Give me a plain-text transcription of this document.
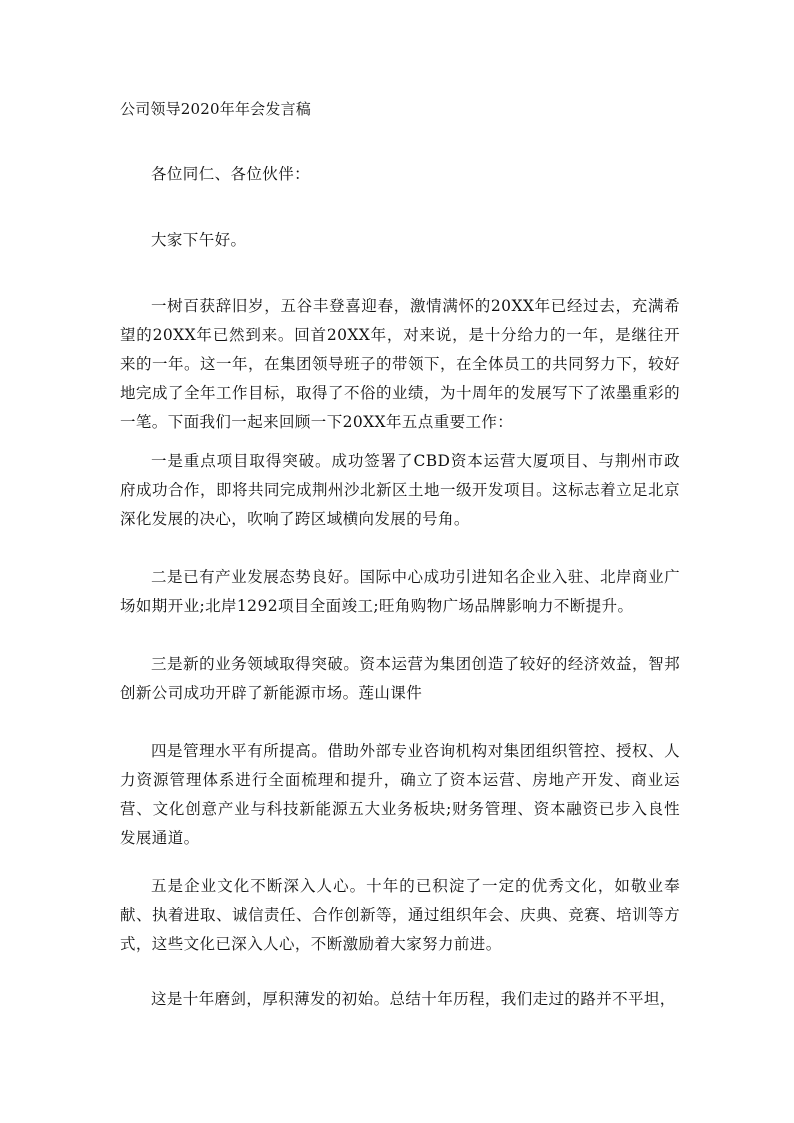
公司领导2020年年会发言稿

各位同仁、各位伙伴：

大家下午好。

一树百获辞旧岁，五谷丰登喜迎春，激情满怀的20XX年已经过去，充满希望的20XX年已然到来。回首20XX年，对来说，是十分给力的一年，是继往开来的一年。这一年，在集团领导班子的带领下，在全体员工的共同努力下，较好地完成了全年工作目标，取得了不俗的业绩，为十周年的发展写下了浓墨重彩的一笔。下面我们一起来回顾一下20XX年五点重要工作：

一是重点项目取得突破。成功签署了CBD资本运营大厦项目、与荆州市政府成功合作，即将共同完成荆州沙北新区土地一级开发项目。这标志着立足北京深化发展的决心，吹响了跨区域横向发展的号角。

二是已有产业发展态势良好。国际中心成功引进知名企业入驻、北岸商业广场如期开业;北岸1292项目全面竣工;旺角购物广场品牌影响力不断提升。

三是新的业务领域取得突破。资本运营为集团创造了较好的经济效益，智邦创新公司成功开辟了新能源市场。莲山课件

四是管理水平有所提高。借助外部专业咨询机构对集团组织管控、授权、人力资源管理体系进行全面梳理和提升，确立了资本运营、房地产开发、商业运营、文化创意产业与科技新能源五大业务板块;财务管理、资本融资已步入良性发展通道。

五是企业文化不断深入人心。十年的已积淀了一定的优秀文化，如敬业奉献、执着进取、诚信责任、合作创新等，通过组织年会、庆典、竞赛、培训等方式，这些文化已深入人心，不断激励着大家努力前进。

这是十年磨剑，厚积薄发的初始。总结十年历程，我们走过的路并不平坦，
